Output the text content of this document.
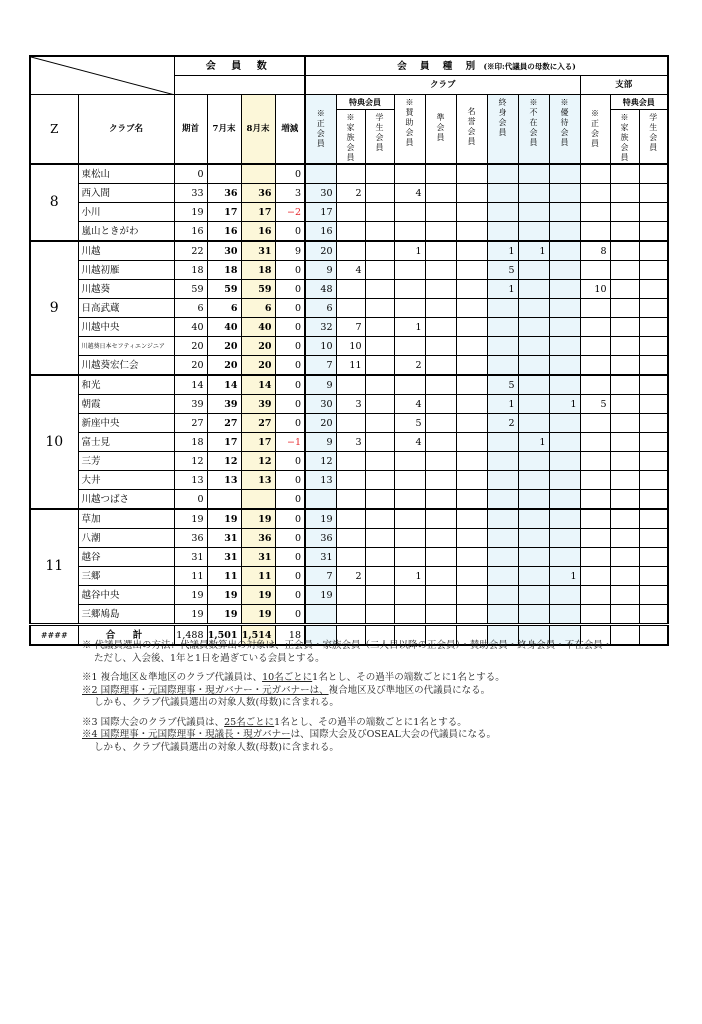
	会 員 数				会 員 種 別 (※印:代議員の母数に入る)											
						クラブ									支部		
Z	クラブ名	期首	7月末	8月末	増減	※正会員	特典会員		※賛助会員	準会員	名誉会員	終身会員	※不在会員	※優待会員	※正会員	特典会員	
							※家族会員	学生会員								※家族会員	学生会員
8	東松山	0			0												
	西入間	33	36	36	3	30	2		4								
	小川	19	17	17	−2	17											
	嵐山ときがわ	16	16	16	0	16											
9	川越	22	30	31	9	20			1			1	1		8		
	川越初雁	18	18	18	0	9	4					5					
	川越葵	59	59	59	0	48						1			10		
	日高武蔵	6	6	6	0	6											
	川越中央	40	40	40	0	32	7		1								
	川越葵日本セフティエンジニア	20	20	20	0	10	10										
	川越葵宏仁会	20	20	20	0	7	11		2								
10	和光	14	14	14	0	9						5					
	朝霞	39	39	39	0	30	3		4			1		1	5		
	新座中央	27	27	27	0	20			5			2					
	富士見	18	17	17	−1	9	3		4				1				
	三芳	12	12	12	0	12											
	大井	13	13	13	0	13											
	川越つばさ	0			0												
11	草加	19	19	19	0	19											
	八潮	36	31	36	0	36											
	越谷	31	31	31	0	31											
	三郷	11	11	11	0	7	2		1					1			
	越谷中央	19	19	19	0	19											
	三郷鳩島	19	19	19	0												
####	合　計	1,488	1,501	1,514	18												

※ 代議員選出の方法：代議員数算出の対象は、正会員・家族会員（二人目以降の正会員）・賛助会員・終身会員・不在会員・

ただし、入会後、1年と1日を過ぎている会員とする。

※1 複合地区＆準地区のクラブ代議員は、10名ごとに1名とし、その過半の端数ごとに1名とする。

※2 国際理事・元国際理事・現ガバナー・元ガバナーは、複合地区及び準地区の代議員になる。

しかも、クラブ代議員選出の対象人数(母数)に含まれる。

※3 国際大会のクラブ代議員は、25名ごとに1名とし、その過半の端数ごとに1名とする。

※4 国際理事・元国際理事・現議長・現ガバナーは、国際大会及びOSEAL大会の代議員になる。

しかも、クラブ代議員選出の対象人数(母数)に含まれる。
